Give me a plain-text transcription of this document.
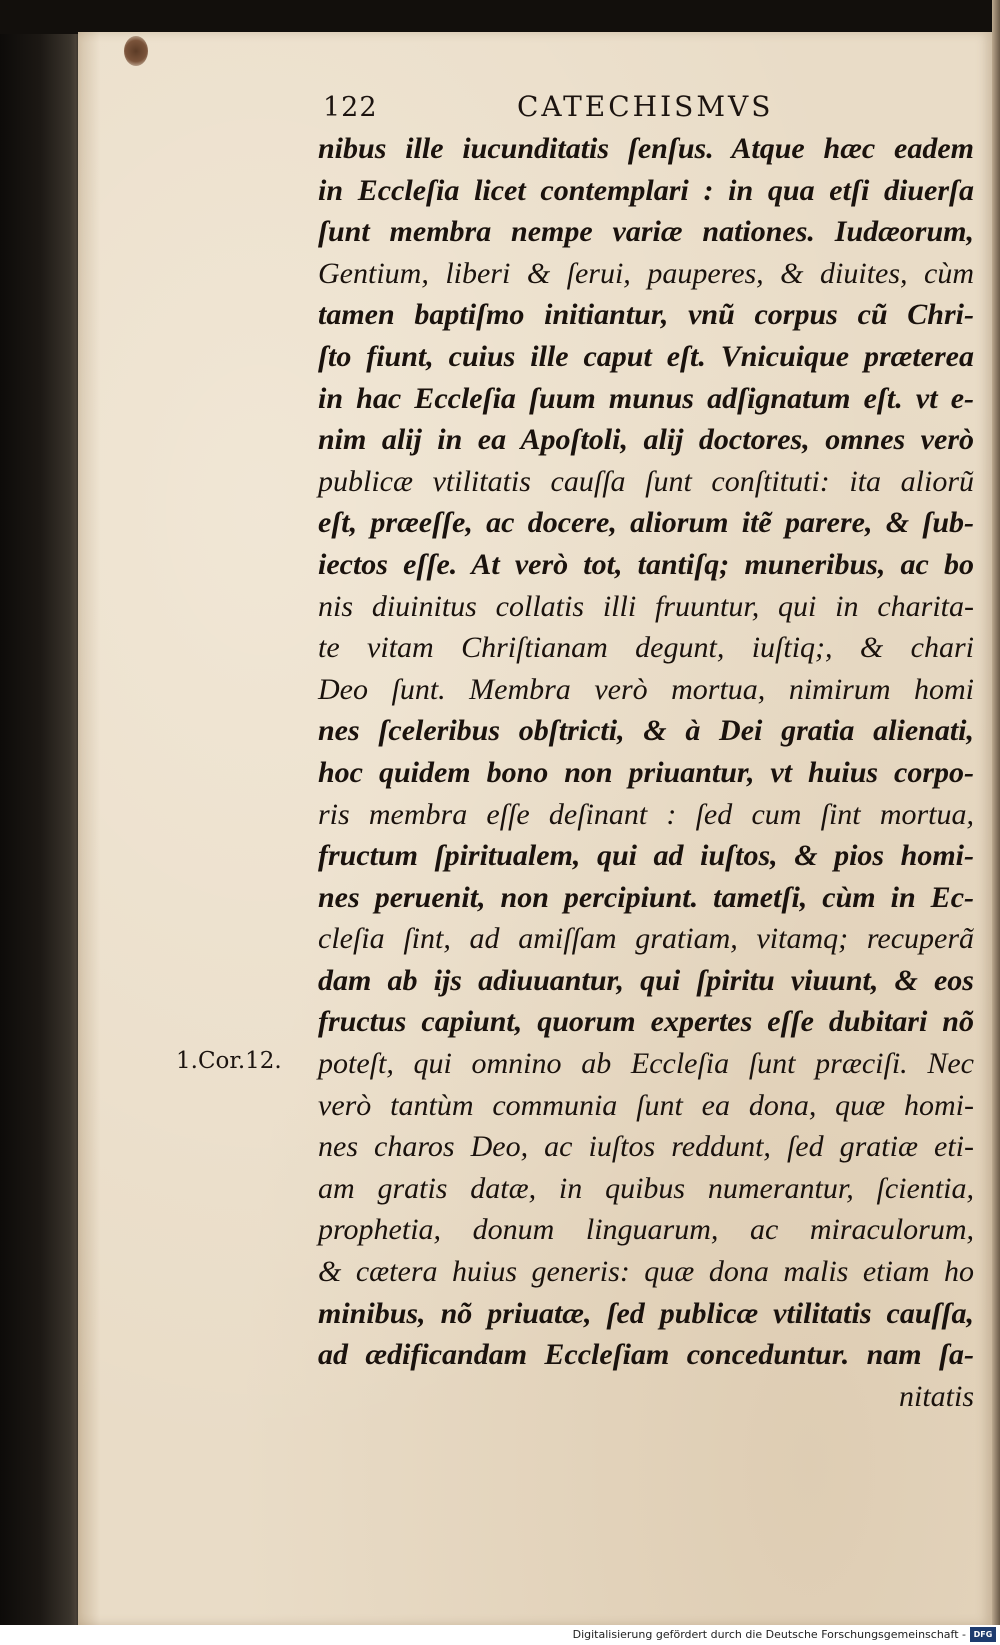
122	CATECHISMVS
1.Cor.12.
nibus ille iucunditatis ſenſus. Atque hæc eadem
in Eccleſia licet contemplari : in qua etſi diuerſa
ſunt membra nempe variæ nationes. Iudæorum,
Gentium, liberi & ſerui, pauperes, & diuites, cùm
tamen baptiſmo initiantur, vnũ corpus cũ Chri-
ſto fiunt, cuius ille caput eſt. Vnicuique præterea
in hac Eccleſia ſuum munus adſignatum eſt. vt e-
nim alij in ea Apoſtoli, alij doctores, omnes verò
publicæ vtilitatis cauſſa ſunt conſtituti: ita aliorũ
eſt, præeſſe, ac docere, aliorum itẽ parere, & ſub-
iectos eſſe. At verò tot, tantiſq; muneribus, ac bo
nis diuinitus collatis illi fruuntur, qui in charita-
te vitam Chriſtianam degunt, iuſtiq;, & chari
Deo ſunt. Membra verò mortua, nimirum homi
nes ſceleribus obſtricti, & à Dei gratia alienati,
hoc quidem bono non priuantur, vt huius corpo-
ris membra eſſe deſinant : ſed cum ſint mortua,
fructum ſpiritualem, qui ad iuſtos, & pios homi-
nes peruenit, non percipiunt. tametſi, cùm in Ec-
cleſia ſint, ad amiſſam gratiam, vitamq; recuperã
dam ab ijs adiuuantur, qui ſpiritu viuunt, & eos
fructus capiunt, quorum expertes eſſe dubitari nõ
poteſt, qui omnino ab Eccleſia ſunt præciſi. Nec
verò tantùm communia ſunt ea dona, quæ homi-
nes charos Deo, ac iuſtos reddunt, ſed gratiæ eti-
am gratis datæ, in quibus numerantur, ſcientia,
prophetia, donum linguarum, ac miraculorum,
& cætera huius generis: quæ dona malis etiam ho
minibus, nõ priuatæ, ſed publicæ vtilitatis cauſſa,
ad ædificandam Eccleſiam conceduntur. nam ſa-
nitatis
Digitalisierung gefördert durch die Deutsche Forschungsgemeinschaft - DFG
